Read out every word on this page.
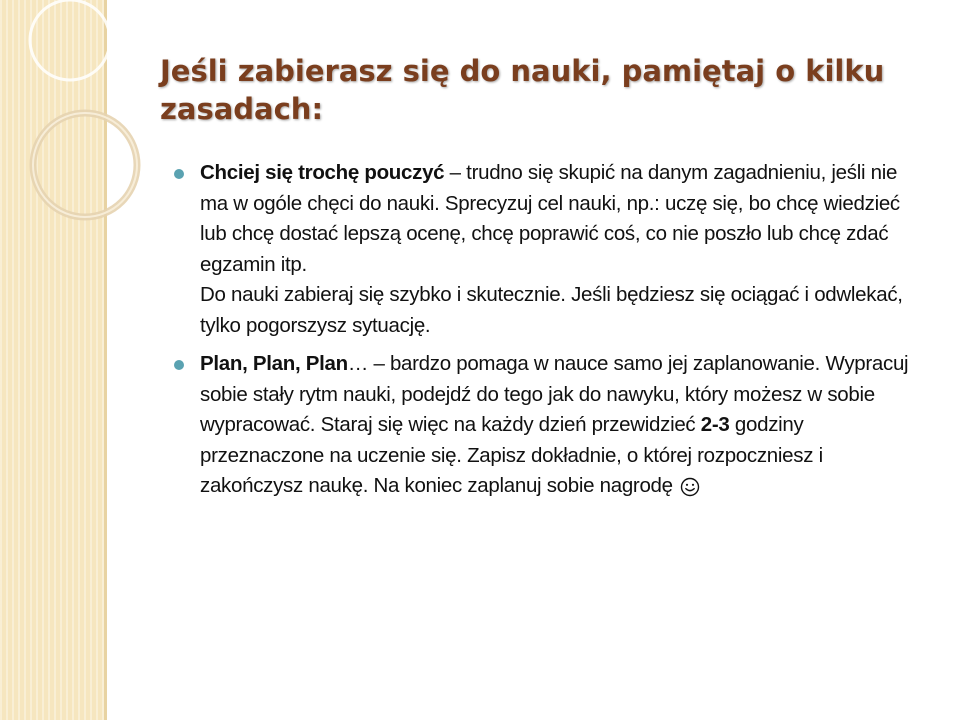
Jeśli zabierasz się do nauki, pamiętaj o kilku zasadach:
Chciej się trochę pouczyć – trudno się skupić na danym zagadnieniu, jeśli nie ma w ogóle chęci do nauki. Sprecyzuj cel nauki, np.: uczę się, bo chcę wiedzieć lub chcę dostać lepszą ocenę, chcę poprawić coś, co nie poszło lub chcę zdać egzamin itp.
Do nauki zabieraj się szybko i skutecznie. Jeśli będziesz się ociągać i odwlekać, tylko pogorszysz sytuację.
Plan, Plan, Plan… – bardzo pomaga w nauce samo jej zaplanowanie. Wypracuj sobie stały rytm nauki, podejdź do tego jak do nawyku, który możesz w sobie wypracować. Staraj się więc na każdy dzień przewidzieć 2-3 godziny przeznaczone na uczenie się. Zapisz dokładnie, o której rozpoczniesz i zakończysz naukę. Na koniec zaplanuj sobie nagrodę
